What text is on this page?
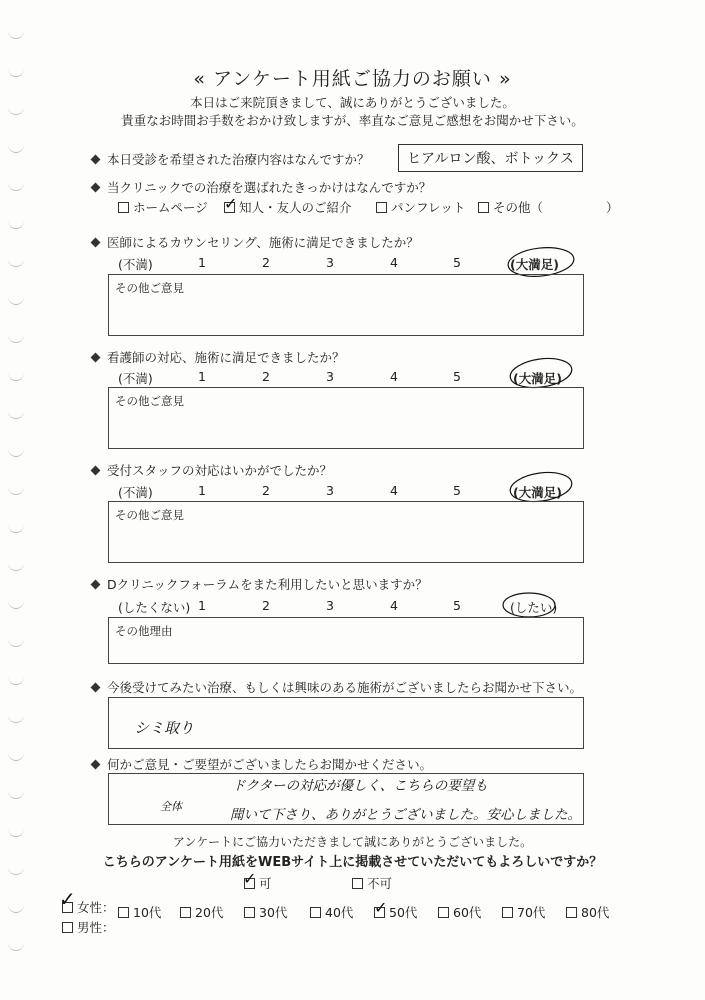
« アンケート用紙ご協力のお願い »
本日はご来院頂きまして、誠にありがとうございました。
貴重なお時間お手数をおかけ致しますが、率直なご意見ご感想をお聞かせ下さい。
本日受診を希望された治療内容はなんですか？	ヒアルロン酸、ボトックス
当クリニックでの治療を選ばれたきっかけはなんですか？
ホームページ ✓ 知人・友人のご紹介	パンフレット	その他（	）
医師によるカウンセリング、施術に満足できましたか？
(不満)	1	2	3	4	5	(大満足)
その他ご意見
看護師の対応、施術に満足できましたか？
(不満)	1	2	3	4	5	(大満足)
その他ご意見
受付スタッフの対応はいかがでしたか？
(不満)	1	2	3	4	5	(大満足)
その他ご意見
Dクリニックフォーラムをまた利用したいと思いますか？
(したくない) 1	2	3	4	5	(したい)
その他理由
今後受けてみたい治療、もしくは興味のある施術がございましたらお聞かせ下さい。
シミ取り
何かご意見・ご要望がございましたらお聞かせください。
ドクターの対応が優しく、こちらの要望も
全体
聞いて下さり、ありがとうございました。安心しました。
アンケートにご協力いただきまして誠にありがとうございました。
こちらのアンケート用紙をWEBサイト上に掲載させていただいてもよろしいですか？
✓ 可	不可
✓ 女性：
男性：
10代	20代	30代	40代 ✓ 50代	60代	70代	80代
